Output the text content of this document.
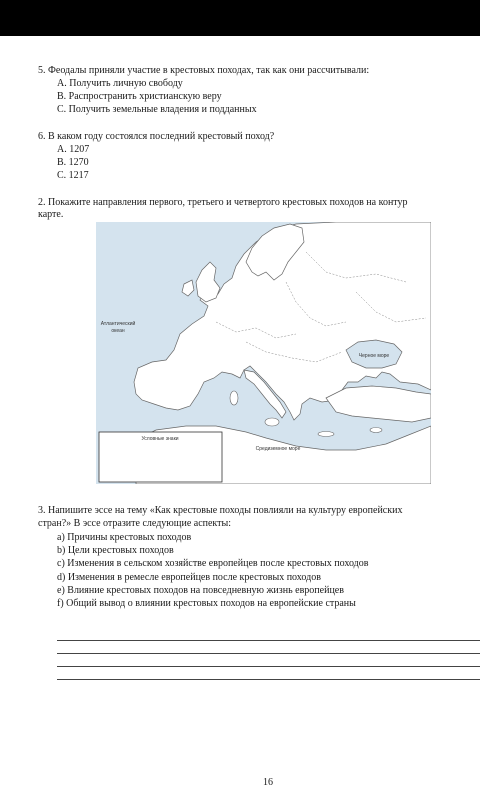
5. Феодалы приняли участие в крестовых походах, так как они рассчитывали:
A. Получить личную свободу
B. Распространить христианскую веру
C. Получить земельные владения и подданных
6. В каком году состоялся последний крестовый поход?
A. 1207
B. 1270
C. 1217
2. Покажите направления первого, третьего и четвертого крестовых походов на контур
карте.
Атлантический
океан
Черное море
Средиземное море
Условные знаки
3. Напишите эссе на тему «Как крестовые походы повлияли на культуру европейских
стран?» В эссе отразите следующие аспекты:
a) Причины крестовых походов
b) Цели крестовых походов
c) Изменения в сельском хозяйстве европейцев после крестовых походов
d) Изменения в ремесле европейцев после крестовых походов
e) Влияние крестовых походов на повседневную жизнь европейцев
f) Общий вывод о влиянии крестовых походов на европейские страны
16
